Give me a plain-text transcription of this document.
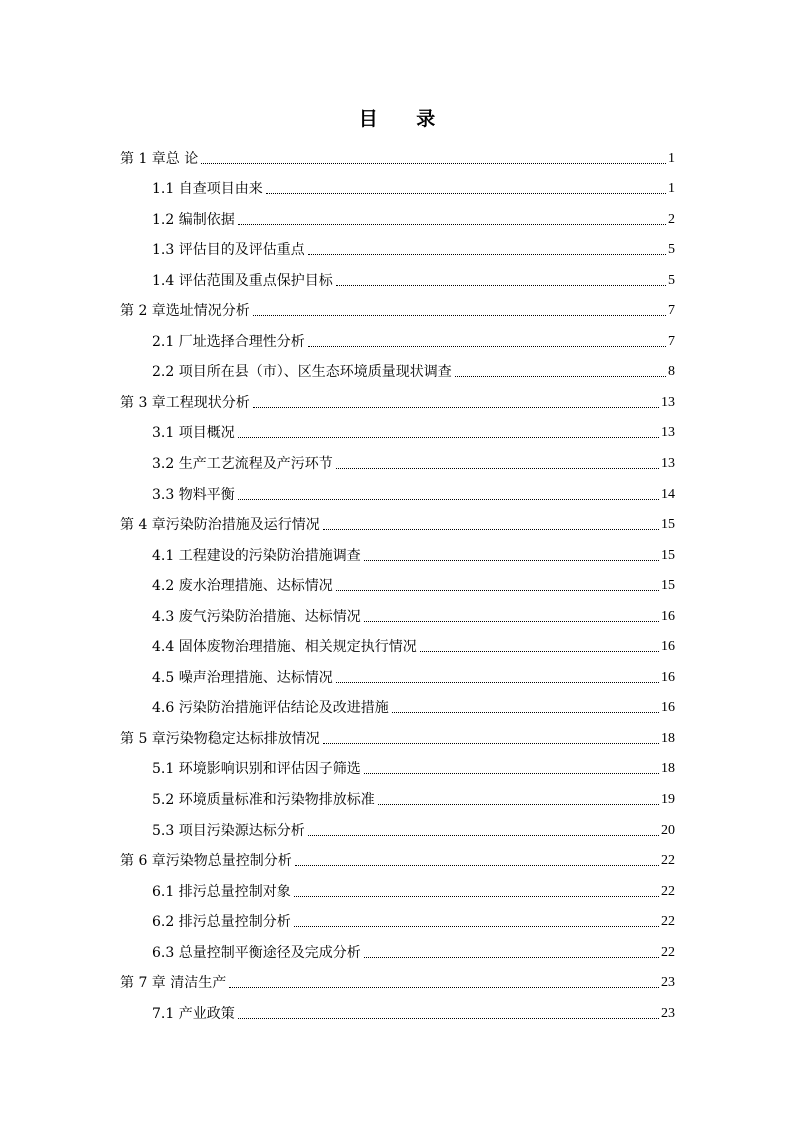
目 录
第 1 章总 论	1
1.1 自查项目由来	1
1.2 编制依据	2
1.3 评估目的及评估重点	5
1.4 评估范围及重点保护目标	5
第 2 章选址情况分析	7
2.1 厂址选择合理性分析	7
2.2 项目所在县（市）、区生态环境质量现状调查	8
第 3 章工程现状分析	13
3.1 项目概况	13
3.2 生产工艺流程及产污环节	13
3.3 物料平衡	14
第 4 章污染防治措施及运行情况	15
4.1 工程建设的污染防治措施调查	15
4.2 废水治理措施、达标情况	15
4.3 废气污染防治措施、达标情况	16
4.4 固体废物治理措施、相关规定执行情况	16
4.5 噪声治理措施、达标情况	16
4.6 污染防治措施评估结论及改进措施	16
第 5 章污染物稳定达标排放情况	18
5.1 环境影响识别和评估因子筛选	18
5.2 环境质量标准和污染物排放标准	19
5.3 项目污染源达标分析	20
第 6 章污染物总量控制分析	22
6.1 排污总量控制对象	22
6.2 排污总量控制分析	22
6.3 总量控制平衡途径及完成分析	22
第 7 章 清洁生产	23
7.1 产业政策	23
